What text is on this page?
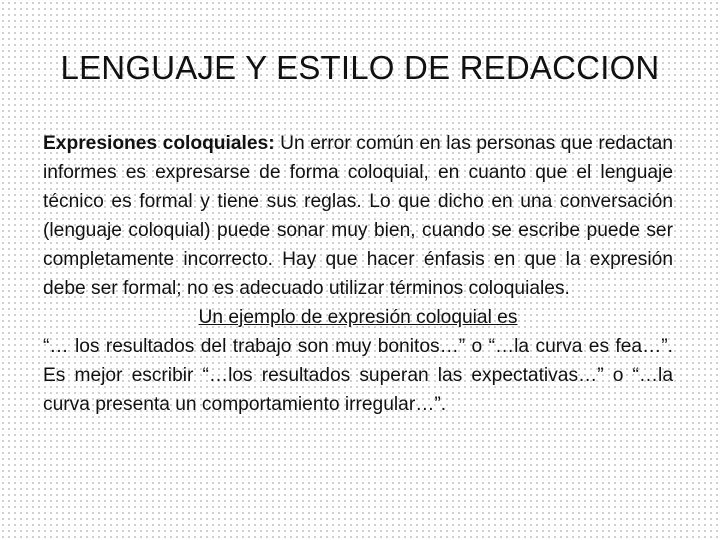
LENGUAJE Y ESTILO DE REDACCION

Expresiones coloquiales: Un error común en las personas que redactan informes es expresarse de forma coloquial, en cuanto que el lenguaje técnico es formal y tiene sus reglas. Lo que dicho en una conversación (lenguaje coloquial) puede sonar muy bien, cuando se escribe puede ser completamente incorrecto. Hay que hacer énfasis en que la expresión debe ser formal; no es adecuado utilizar términos coloquiales.

Un ejemplo de expresión coloquial es

“… los resultados del trabajo son muy bonitos…” o “…la curva es fea…”. Es mejor escribir “…los resultados superan las expectativas…” o “…la curva presenta un comportamiento irregular…”.
